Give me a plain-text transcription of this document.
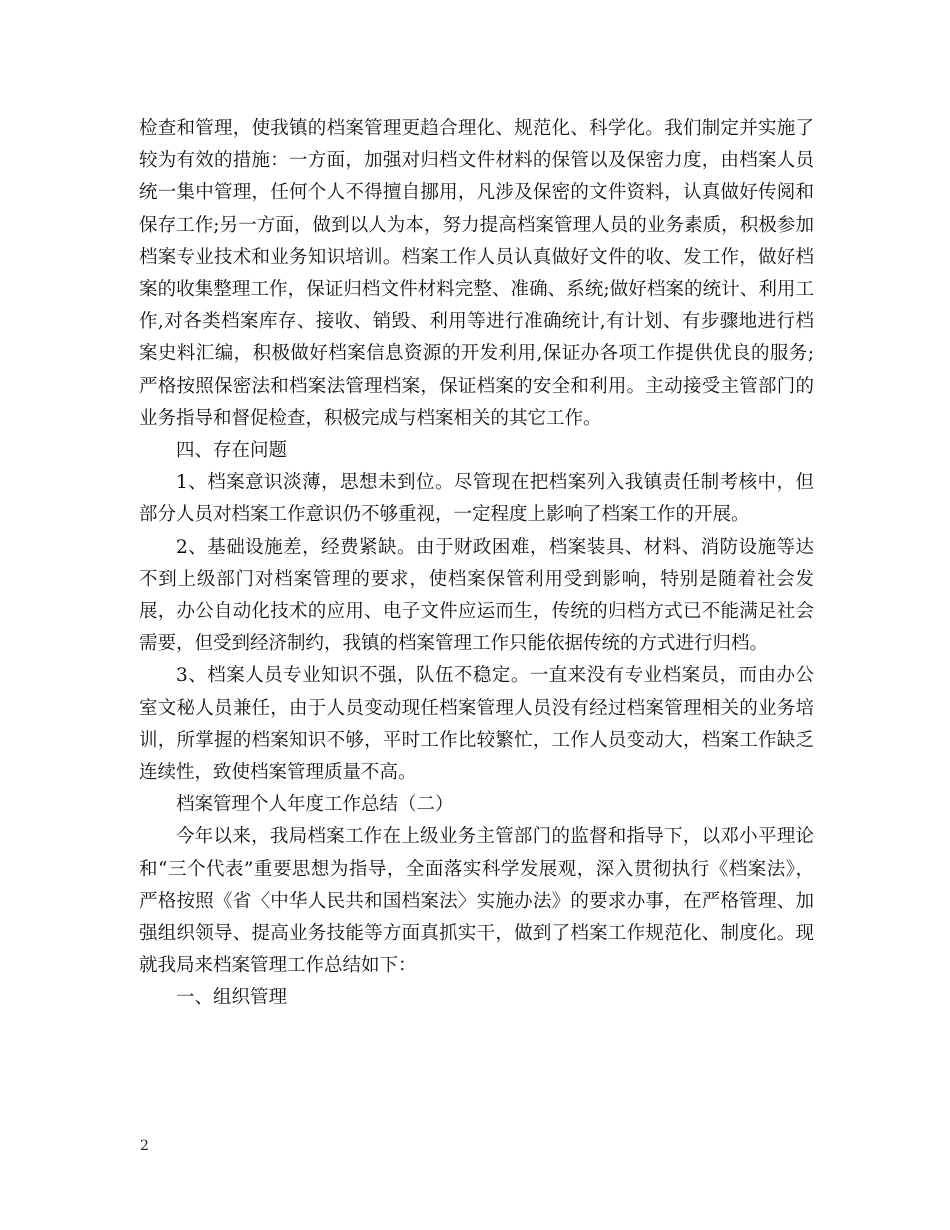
检查和管理，使我镇的档案管理更趋合理化、规范化、科学化。我们制定并实施了较为有效的措施：一方面，加强对归档文件材料的保管以及保密力度，由档案人员统一集中管理，任何个人不得擅自挪用，凡涉及保密的文件资料，认真做好传阅和保存工作;另一方面，做到以人为本，努力提高档案管理人员的业务素质，积极参加档案专业技术和业务知识培训。档案工作人员认真做好文件的收、发工作，做好档案的收集整理工作，保证归档文件材料完整、准确、系统;做好档案的统计、利用工作,对各类档案库存、接收、销毁、利用等进行准确统计,有计划、有步骤地进行档案史料汇编，积极做好档案信息资源的开发利用,保证办各项工作提供优良的服务;严格按照保密法和档案法管理档案，保证档案的安全和利用。主动接受主管部门的业务指导和督促检查，积极完成与档案相关的其它工作。

四、存在问题

1、档案意识淡薄，思想未到位。尽管现在把档案列入我镇责任制考核中，但部分人员对档案工作意识仍不够重视，一定程度上影响了档案工作的开展。

2、基础设施差，经费紧缺。由于财政困难，档案装具、材料、消防设施等达不到上级部门对档案管理的要求，使档案保管利用受到影响，特别是随着社会发展，办公自动化技术的应用、电子文件应运而生，传统的归档方式已不能满足社会需要，但受到经济制约，我镇的档案管理工作只能依据传统的方式进行归档。

3、档案人员专业知识不强，队伍不稳定。一直来没有专业档案员，而由办公室文秘人员兼任，由于人员变动现任档案管理人员没有经过档案管理相关的业务培训，所掌握的档案知识不够，平时工作比较繁忙，工作人员变动大，档案工作缺乏连续性，致使档案管理质量不高。

档案管理个人年度工作总结（二）

今年以来，我局档案工作在上级业务主管部门的监督和指导下，以邓小平理论和“三个代表”重要思想为指导，全面落实科学发展观，深入贯彻执行《档案法》，严格按照《省〈中华人民共和国档案法〉实施办法》的要求办事，在严格管理、加强组织领导、提高业务技能等方面真抓实干，做到了档案工作规范化、制度化。现就我局来档案管理工作总结如下：

一、组织管理

2
